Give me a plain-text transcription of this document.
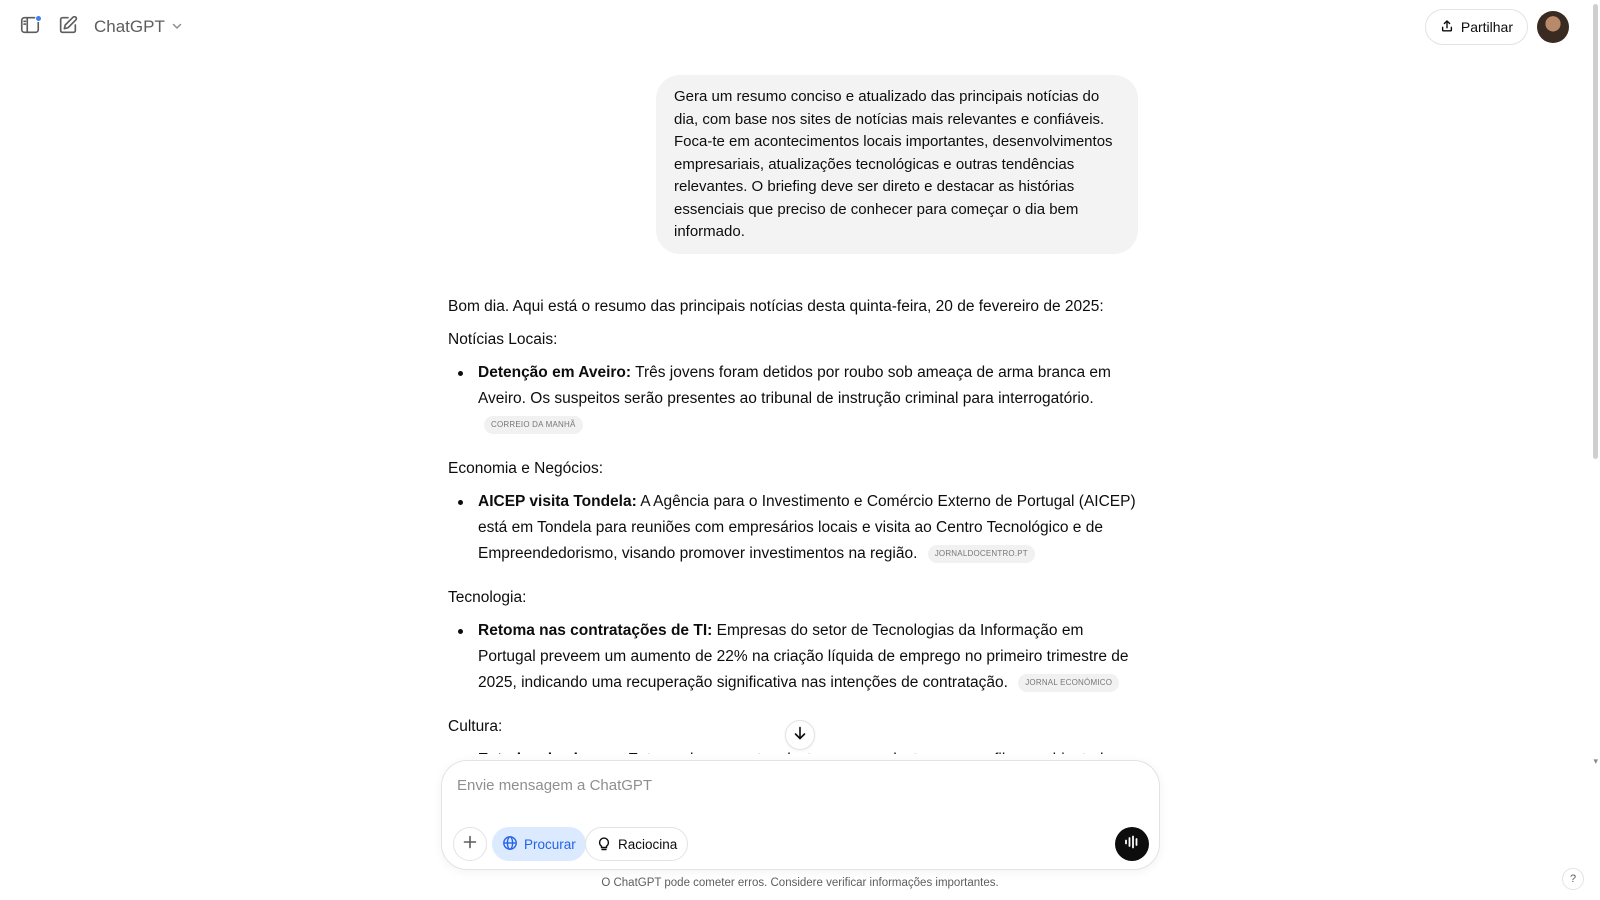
ChatGPT	Partilhar
▾
Gera um resumo conciso e atualizado das principais notícias do dia, com base nos sites de notícias mais relevantes e confiáveis. Foca-te em acontecimentos locais importantes, desenvolvimentos empresariais, atualizações tecnológicas e outras tendências relevantes. O briefing deve ser direto e destacar as histórias essenciais que preciso de conhecer para começar o dia bem informado.

Bom dia. Aqui está o resumo das principais notícias desta quinta-feira, 20 de fevereiro de 2025:

Notícias Locais:

Detenção em Aveiro: Três jovens foram detidos por roubo sob ameaça de arma branca em Aveiro. Os suspeitos serão presentes ao tribunal de instrução criminal para interrogatório. CORREIO DA MANHÃ

Economia e Negócios:

AICEP visita Tondela: A Agência para o Investimento e Comércio Externo de Portugal (AICEP) está em Tondela para reuniões com empresários locais e visita ao Centro Tecnológico e de Empreendedorismo, visando promover investimentos na região. JORNALDOCENTRO.PT

Tecnologia:

Retoma nas contratações de TI: Empresas do setor de Tecnologias da Informação em Portugal preveem um aumento de 22% na criação líquida de emprego no primeiro trimestre de 2025, indicando uma recuperação significativa nas intenções de contratação. JORNAL ECONÓMICO

Cultura:

Envie mensagem a ChatGPT
Procurar	Raciocina
O ChatGPT pode cometer erros. Considere verificar informações importantes.	?
